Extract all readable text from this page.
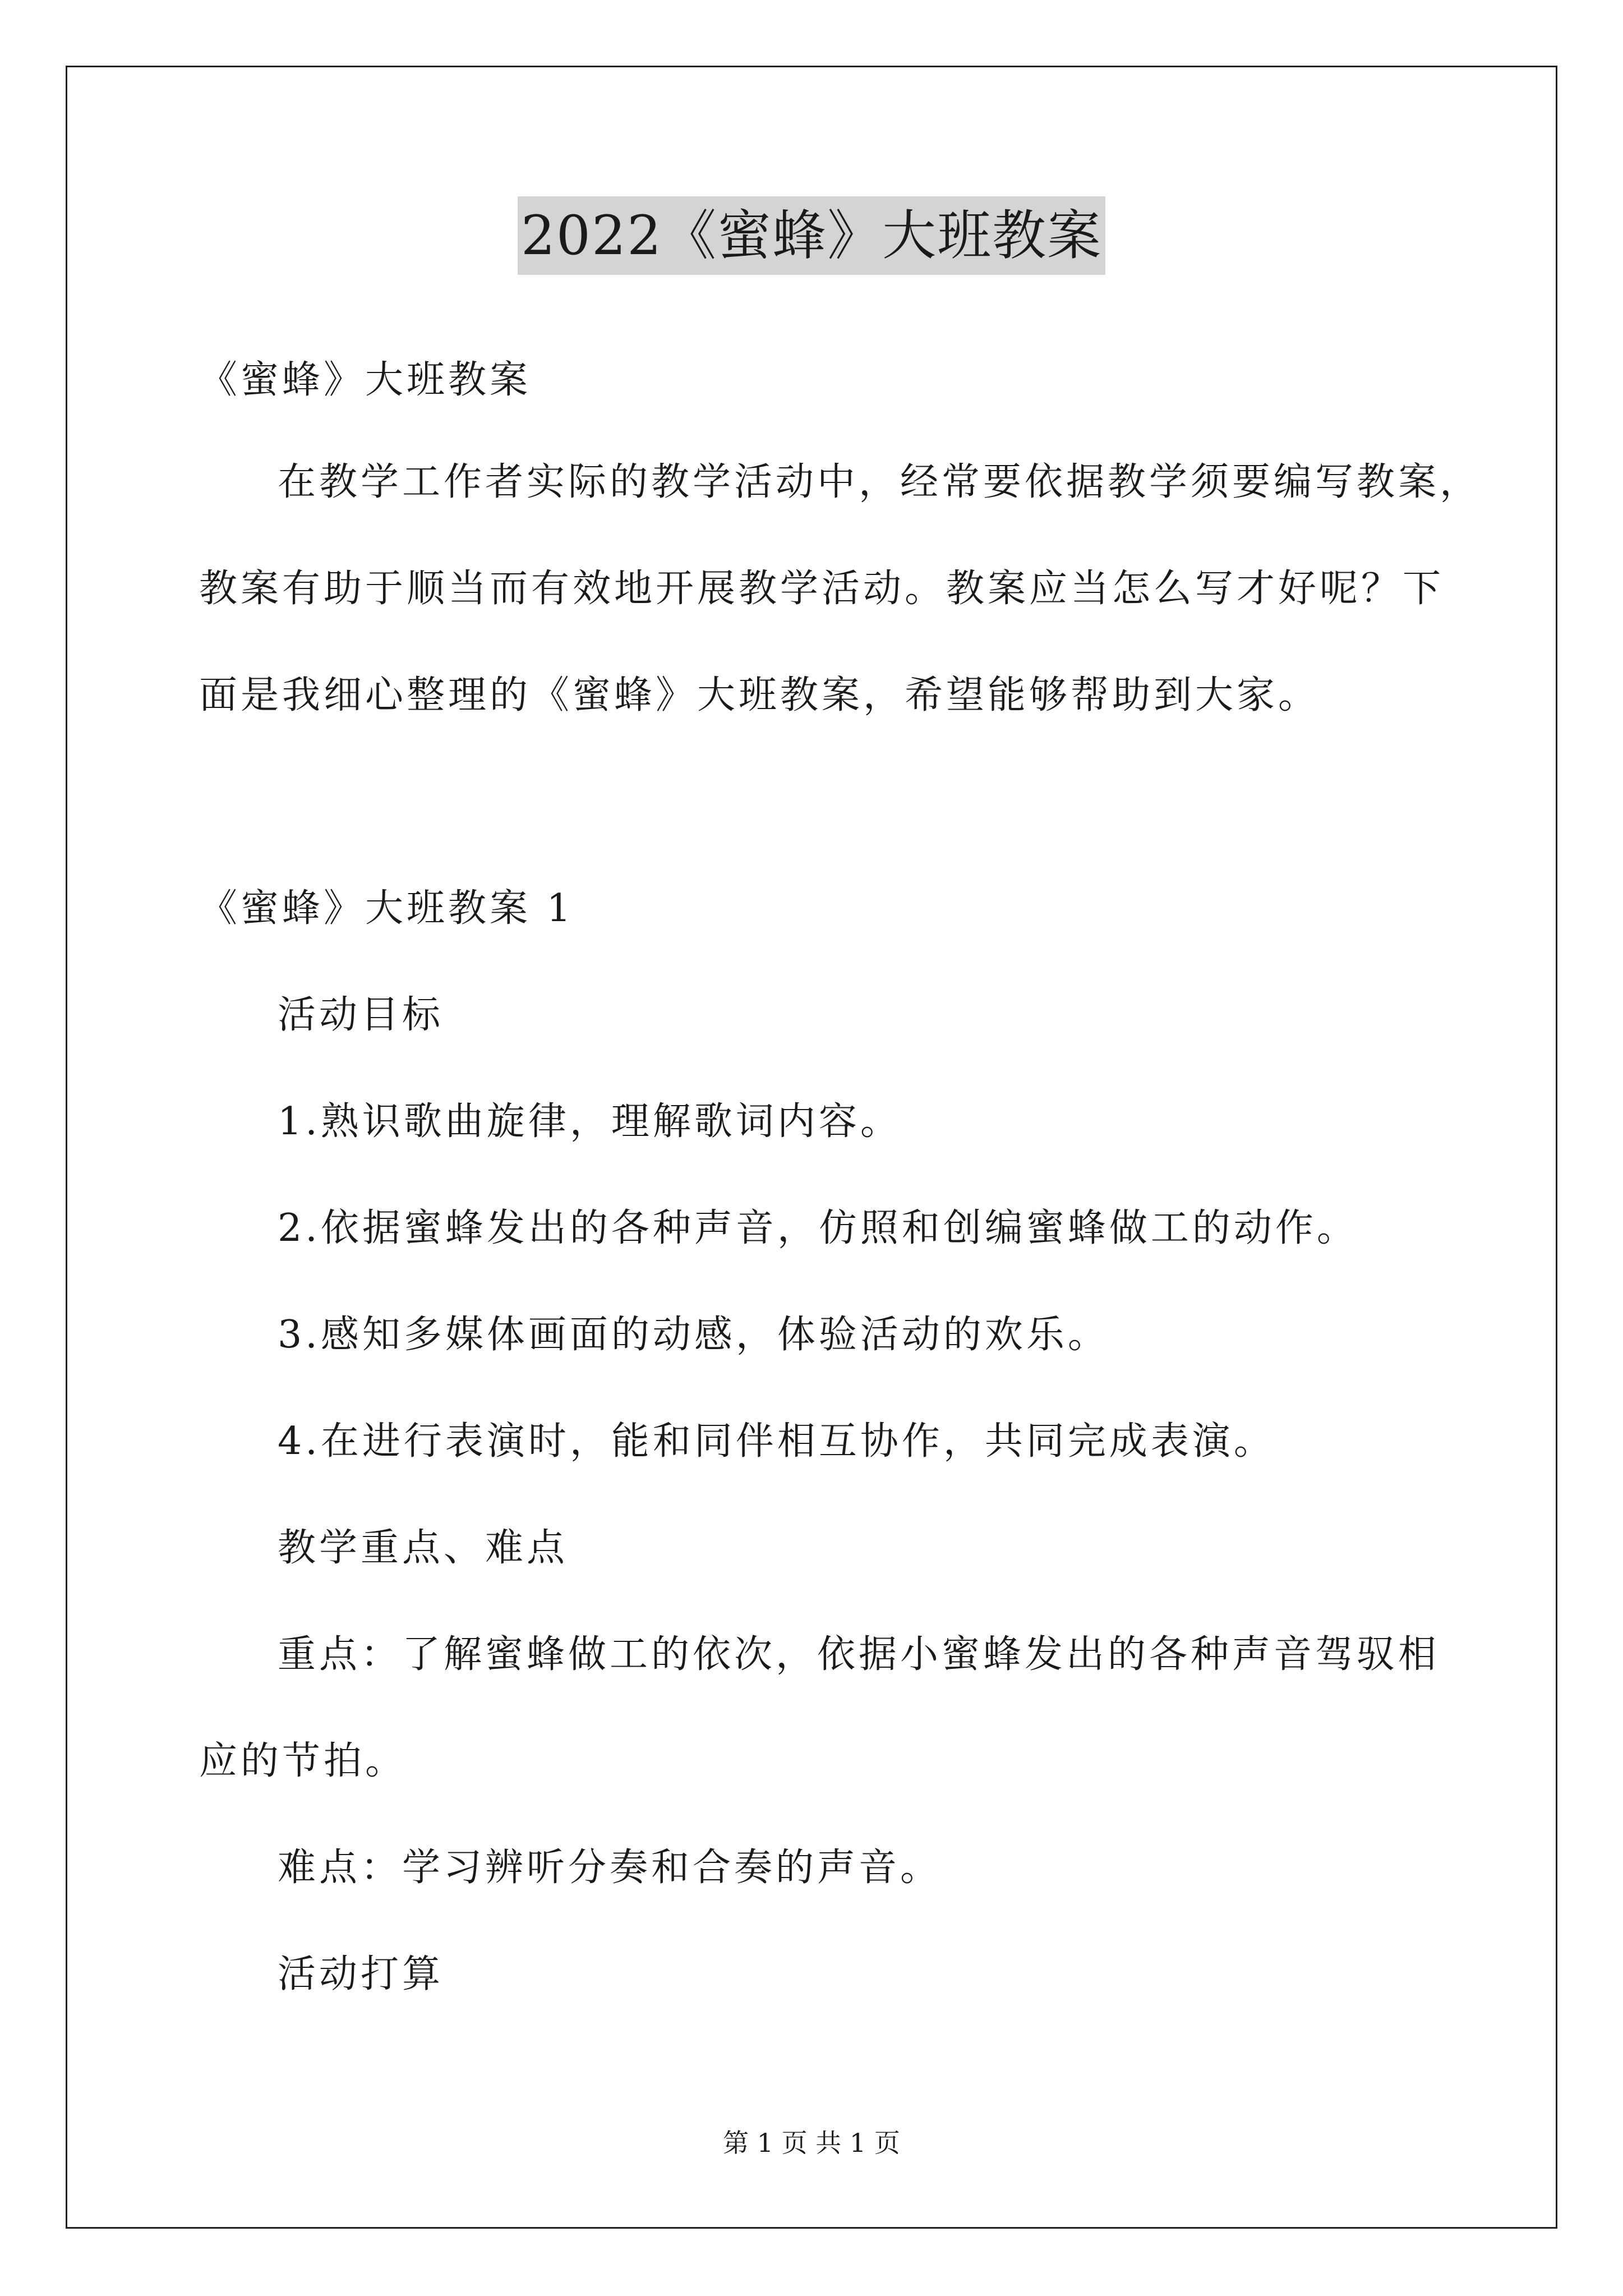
2022《蜜蜂》大班教案
《蜜蜂》大班教案
在教学工作者实际的教学活动中，经常要依据教学须要编写教案，
教案有助于顺当而有效地开展教学活动。教案应当怎么写才好呢？下
面是我细心整理的《蜜蜂》大班教案，希望能够帮助到大家。
《蜜蜂》大班教案 1
活动目标
1.熟识歌曲旋律，理解歌词内容。
2.依据蜜蜂发出的各种声音，仿照和创编蜜蜂做工的动作。
3.感知多媒体画面的动感，体验活动的欢乐。
4.在进行表演时，能和同伴相互协作，共同完成表演。
教学重点、难点
重点：了解蜜蜂做工的依次，依据小蜜蜂发出的各种声音驾驭相
应的节拍。
难点：学习辨听分奏和合奏的声音。
活动打算
第 1 页 共 1 页
